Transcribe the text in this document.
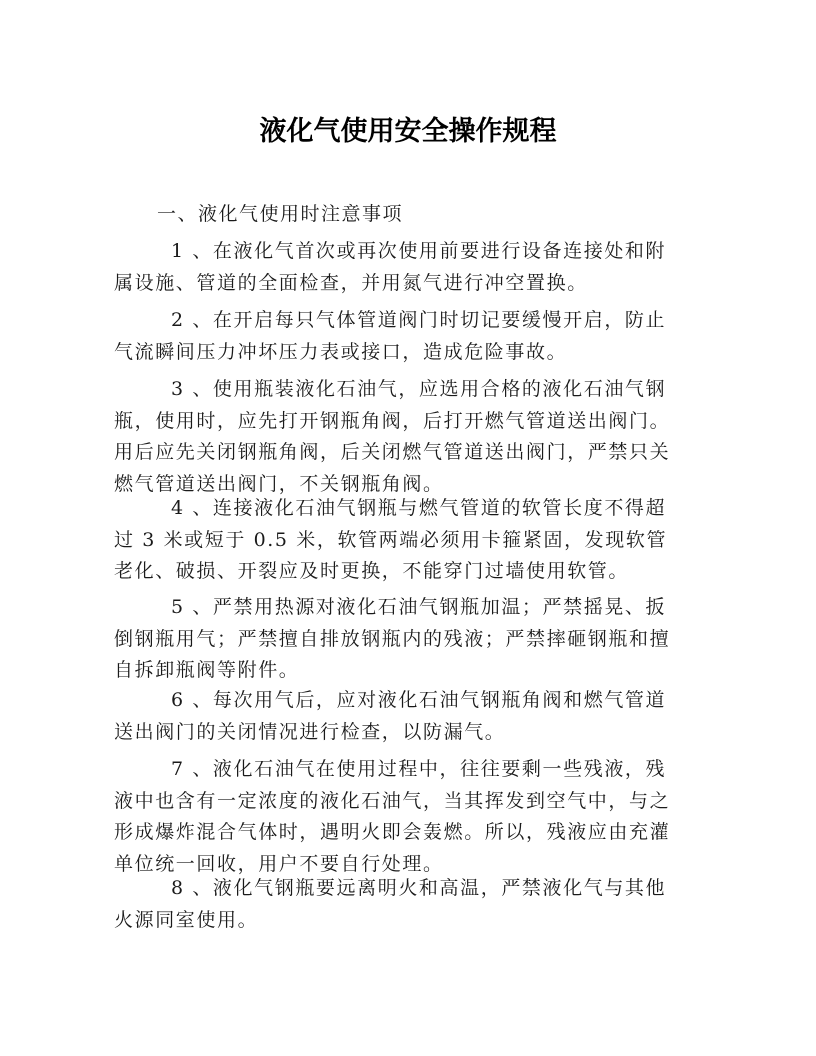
液化气使用安全操作规程
一、液化气使用时注意事项
1 、在液化气首次或再次使用前要进行设备连接处和附
属设施、管道的全面检查，并用氮气进行冲空置换。
2 、在开启每只气体管道阀门时切记要缓慢开启，防止
气流瞬间压力冲坏压力表或接口，造成危险事故。
3 、使用瓶装液化石油气，应选用合格的液化石油气钢
瓶，使用时，应先打开钢瓶角阀，后打开燃气管道送出阀门。
用后应先关闭钢瓶角阀，后关闭燃气管道送出阀门，严禁只关
燃气管道送出阀门，不关钢瓶角阀。
4 、连接液化石油气钢瓶与燃气管道的软管长度不得超
过 3 米或短于 0.5 米，软管两端必须用卡箍紧固，发现软管
老化、破损、开裂应及时更换，不能穿门过墙使用软管。
5 、严禁用热源对液化石油气钢瓶加温；严禁摇晃、扳
倒钢瓶用气；严禁擅自排放钢瓶内的残液；严禁摔砸钢瓶和擅
自拆卸瓶阀等附件。
6 、每次用气后，应对液化石油气钢瓶角阀和燃气管道
送出阀门的关闭情况进行检查，以防漏气。
7 、液化石油气在使用过程中，往往要剩一些残液，残
液中也含有一定浓度的液化石油气，当其挥发到空气中，与之
形成爆炸混合气体时，遇明火即会轰燃。所以，残液应由充灌
单位统一回收，用户不要自行处理。
8 、液化气钢瓶要远离明火和高温，严禁液化气与其他
火源同室使用。
